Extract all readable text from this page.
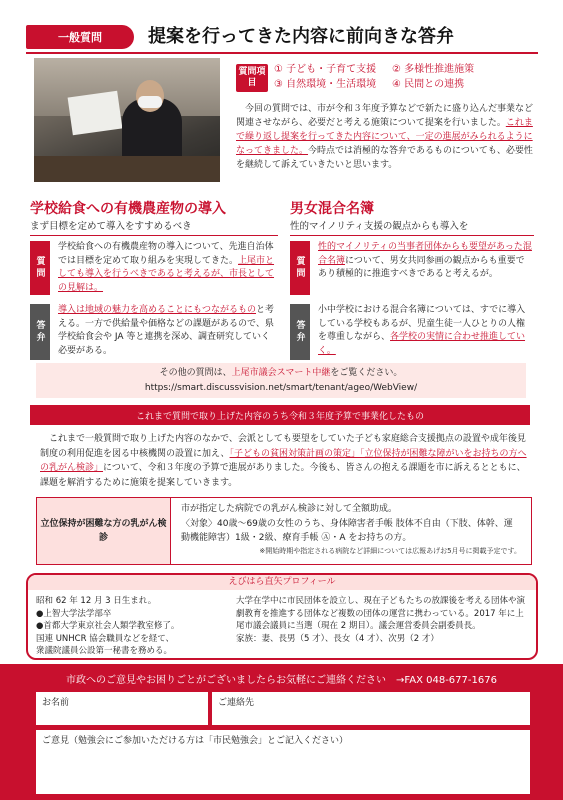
一般質問	提案を行ってきた内容に前向きな答弁
質問項目
① 子ども・子育て支援	② 多様性推進施策
③ 自然環境・生活環境	④ 民間との連携

今回の質問では、市が令和３年度予算などで新たに盛り込んだ事業など関連させながら、必要だと考える施策について提案を行いました。これまで繰り返し提案を行ってきた内容について、一定の進展がみられるようになってきました。今時点では消極的な答弁であるものについても、必要性を継続して訴えていきたいと思います。

学校給食への有機農産物の導入
まず目標を定めて導入をすすめるべき
質問
学校給食への有機農産物の導入について、先進自治体では目標を定めて取り組みを実現してきた。上尾市としても導入を行うべきであると考えるが、市長としての見解は。
答弁
導入は地域の魅力を高めることにもつながるものと考える。一方で供給量や価格などの課題があるので、県学校給食会や JA 等と連携を深め、調査研究していく必要がある。
男女混合名簿
性的マイノリティ支援の観点からも導入を
質問
性的マイノリティの当事者団体からも要望があった混合名簿について、男女共同参画の観点からも重要であり積極的に推進すべきであると考えるが。
答弁
小中学校における混合名簿については、すでに導入している学校もあるが、児童生徒一人ひとりの人権を尊重しながら、各学校の実情に合わせ推進していく。
その他の質問は、上尾市議会スマート中継をご覧ください。
https://smart.discussvision.net/smart/tenant/ageo/WebView/
これまで質問で取り上げた内容のうち令和３年度予算で事業化したもの

これまで一般質問で取り上げた内容のなかで、会派としても要望をしていた子ども家庭総合支援拠点の設置や成年後見制度の利用促進を図る中核機関の設置に加え、「子どもの貧困対策計画の策定」「立位保持が困難な障がいをお持ちの方への乳がん検診」について、令和３年度の予算で進展がありました。今後も、皆さんの抱える課題を市に訴えるとともに、課題を解消するために施策を提案していきます。

立位保持が困難な方の乳がん検診
市が指定した病院での乳がん検診に対して全額助成。
〈対象〉40歳～69歳の女性のうち、身体障害者手帳 肢体不自由（下肢、体幹、運動機能障害）1級・2級、療育手帳 Ⓐ・A をお持ちの方。
※開始時期や指定される病院など詳細については広報あげお5月号に掲載予定です。
えびはら直矢プロフィール
昭和 62 年 12 月 3 日生まれ。
●上智大学法学部卒
●首都大学東京社会人類学教室修了。
国連 UNHCR 協会職員などを経て、
衆議院議員公設第一秘書を務める。
大学在学中に市民団体を設立し、現在子どもたちの放課後を考える団体や演劇教育を推進する団体など複数の団体の運営に携わっている。2017 年に上尾市議会議員に当選（現在 2 期目）。議会運営委員会副委員長。
家族：妻、長男（5 才）、長女（4 才）、次男（2 才）
市政へのご意見やお困りごとがございましたらお気軽にご連絡ください　→FAX 048-677-1676
お名前	ご連絡先
ご意見（勉強会にご参加いただける方は「市民勉強会」とご記入ください）
